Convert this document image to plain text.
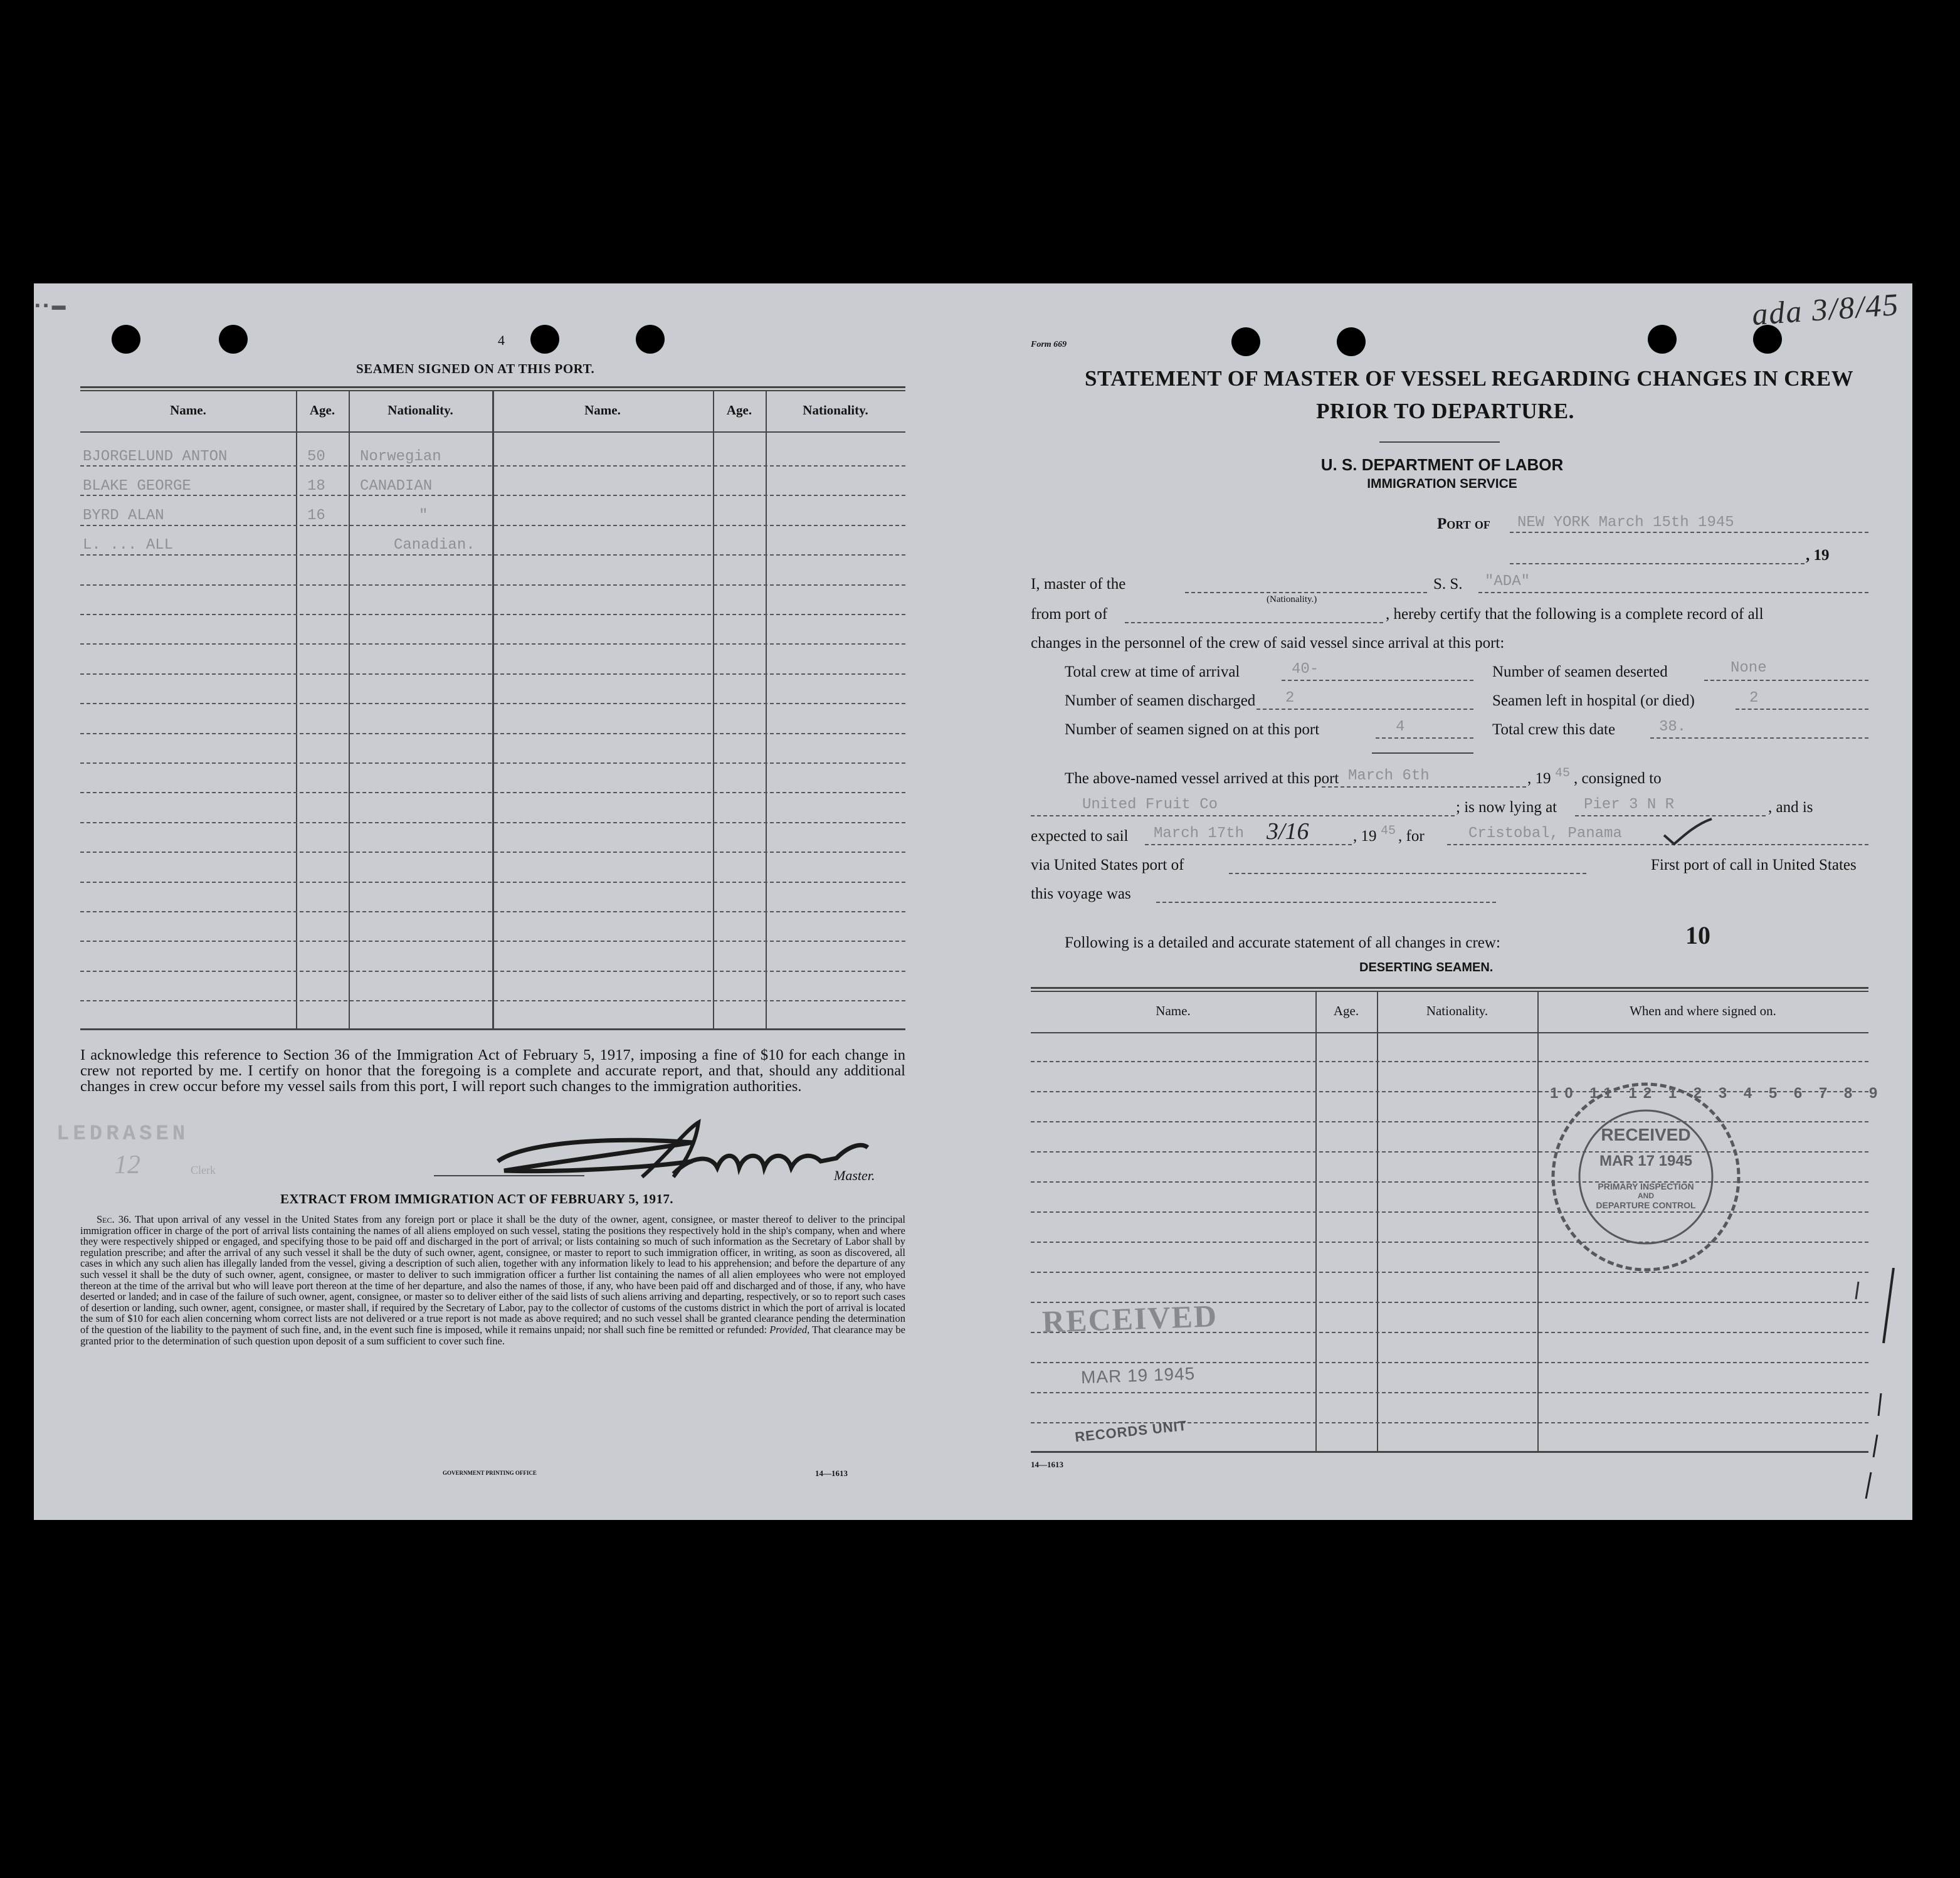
▪ ▪ ▬
4
SEAMEN SIGNED ON AT THIS PORT.
Name.	Age.	Nationality.	Name.	Age.	Nationality.
BJORGELUND ANTON	50 Norwegian
BLAKE GEORGE	18 CANADIAN
BYRD ALAN	16	"
L. ... ALL	Canadian.
I acknowledge this reference to Section 36 of the Immigration Act of February 5, 1917, imposing a fine of $10 for each change in crew not reported by me. I certify on honor that the foregoing is a complete and accurate report, and that, should any additional changes in crew occur before my vessel sails from this port, I will report such changes to the immigration authorities.
LEDRASEN
12	Clerk	Master.
EXTRACT FROM IMMIGRATION ACT OF FEBRUARY 5, 1917.
Sec. 36. That upon arrival of any vessel in the United States from any foreign port or place it shall be the duty of the owner, agent, consignee, or master thereof to deliver to the principal immigration officer in charge of the port of arrival lists containing the names of all aliens employed on such vessel, stating the positions they respectively hold in the ship's company, when and where they were respectively shipped or engaged, and specifying those to be paid off and discharged in the port of arrival; or lists containing so much of such information as the Secretary of Labor shall by regulation prescribe; and after the arrival of any such vessel it shall be the duty of such owner, agent, consignee, or master to report to such immigration officer, in writing, as soon as discovered, all cases in which any such alien has illegally landed from the vessel, giving a description of such alien, together with any information likely to lead to his apprehension; and before the departure of any such vessel it shall be the duty of such owner, agent, consignee, or master to deliver to such immigration officer a further list containing the names of all alien employees who were not employed thereon at the time of the arrival but who will leave port thereon at the time of her departure, and also the names of those, if any, who have been paid off and discharged and of those, if any, who have deserted or landed; and in case of the failure of such owner, agent, consignee, or master so to deliver either of the said lists of such aliens arriving and departing, respectively, or so to report such cases of desertion or landing, such owner, agent, consignee, or master shall, if required by the Secretary of Labor, pay to the collector of customs of the customs district in which the port of arrival is located the sum of $10 for each alien concerning whom correct lists are not delivered or a true report is not made as above required; and no such vessel shall be granted clearance pending the determination of the question of the liability to the payment of such fine, and, in the event such fine is imposed, while it remains unpaid; nor shall such fine be remitted or refunded: Provided, That clearance may be granted prior to the determination of such question upon deposit of a sum sufficient to cover such fine.
GOVERNMENT PRINTING OFFICE	14—1613
Form 669
ada 3/8/45
STATEMENT OF MASTER OF VESSEL REGARDING CHANGES IN CREW
PRIOR TO DEPARTURE.
U. S. DEPARTMENT OF LABOR
IMMIGRATION SERVICE
Port of NEW YORK March 15th 1945
, 19
I, master of the
(Nationality.)
S. S. "ADA"
from port of	, hereby certify that the following is a complete record of all
changes in the personnel of the crew of said vessel since arrival at this port:
Total crew at time of arrival	40-	Number of seamen deserted	None
Number of seamen discharged 2	Seamen left in hospital (or died)	2
Number of seamen signed on at this port	4	Total crew this date	38.
The above-named vessel arrived at this port March 6th	, 19 45 , consigned to
United Fruit Co	; is now lying at Pier 3 N R	, and is
expected to sail March 17th 3/16	, 19 45 , for	Cristobal, Panama
via United States port of	First port of call in United States
this voyage was
Following is a detailed and accurate statement of all changes in crew:	10
DESERTING SEAMEN.
Name.	Age.	Nationality.	When and where signed on.
14—1613
10 11 12 1 2 3 4 5 6 7 8 9
RECEIVED
MAR 17 1945
PRIMARY INSPECTION
AND
DEPARTURE CONTROL
RECEIVED
MAR 19 1945
RECORDS UNIT
